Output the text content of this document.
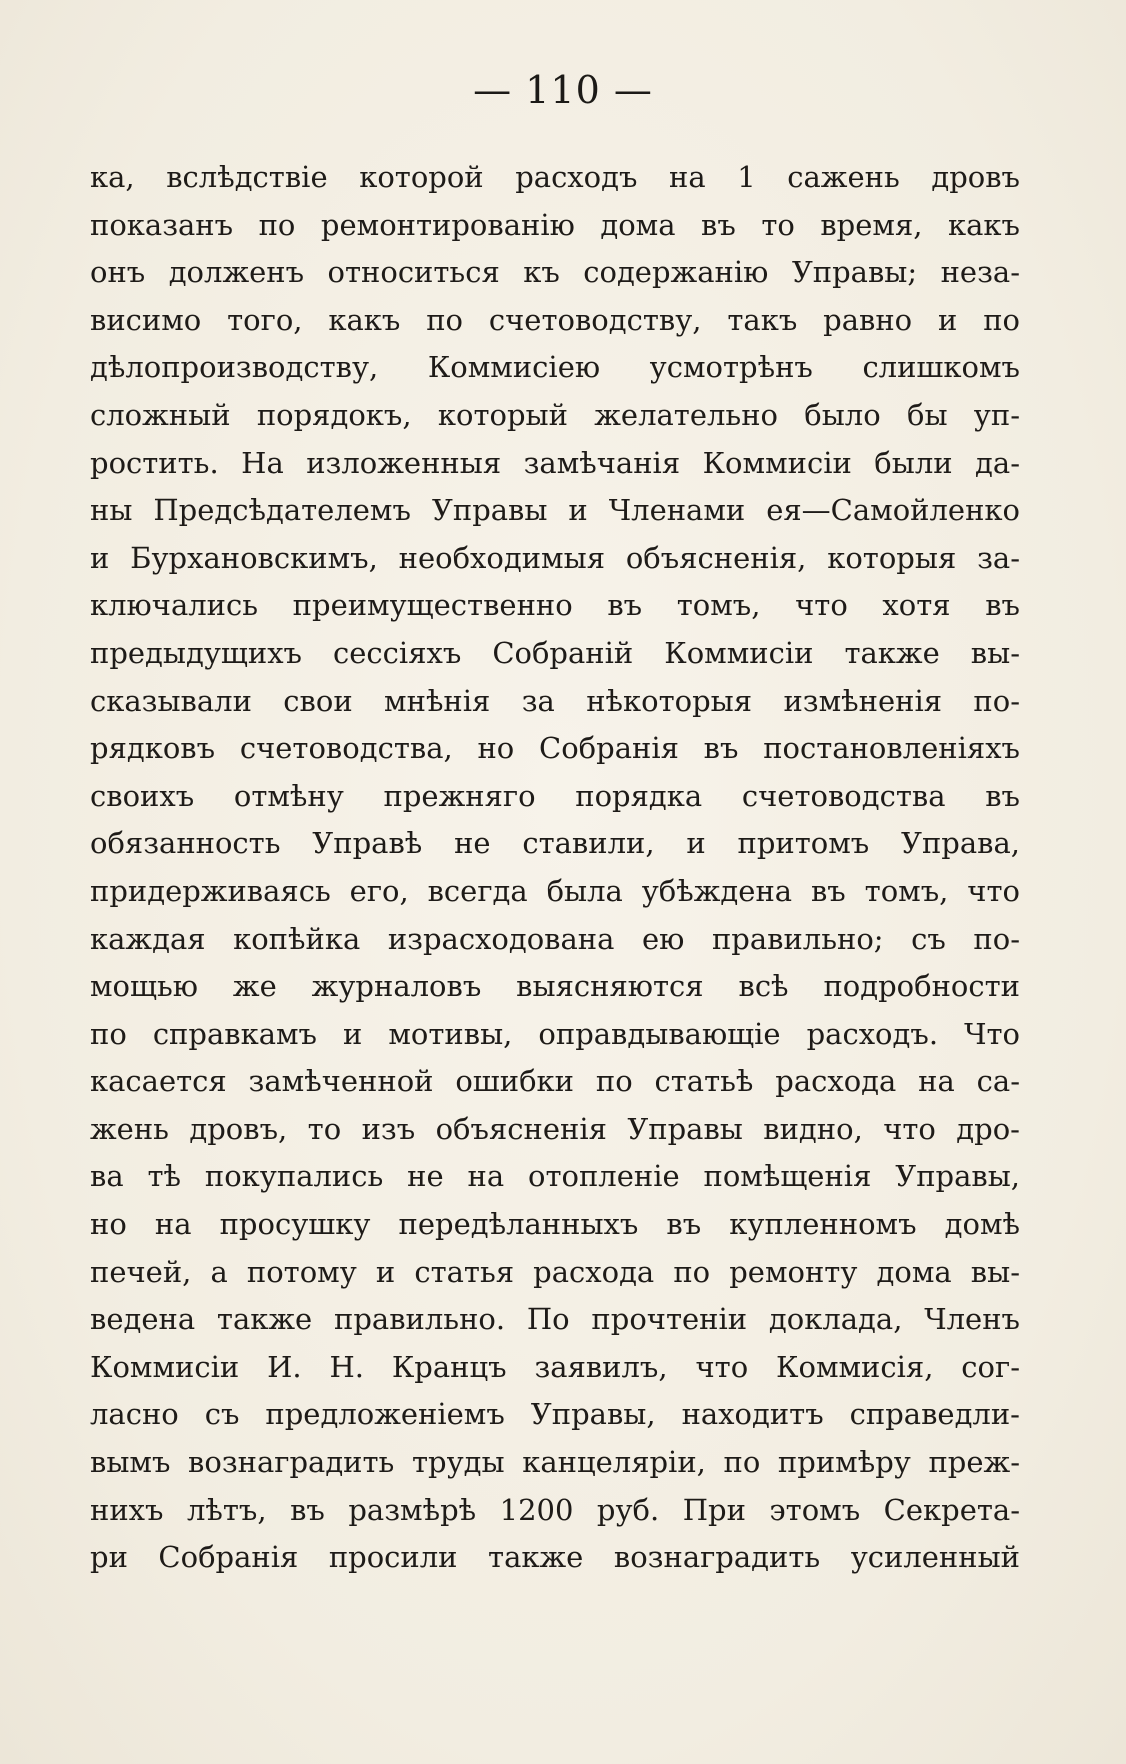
— 110 —
ка, вслѣдствіе которой расходъ на 1 сажень дровъ
показанъ по ремонтированію дома въ то время, какъ
онъ долженъ относиться къ содержанію Управы; неза-
висимо того, какъ по счетоводству, такъ равно и по
дѣлопроизводству, Коммисіею усмотрѣнъ слишкомъ
сложный порядокъ, который желательно было бы уп-
ростить. На изложенныя замѣчанія Коммисіи были да-
ны Предсѣдателемъ Управы и Членами ея—Самойленко
и Бурхановскимъ, необходимыя объясненія, которыя за-
ключались преимущественно въ томъ, что хотя въ
предыдущихъ сессіяхъ Собраній Коммисіи также вы-
сказывали свои мнѣнія за нѣкоторыя измѣненія по-
рядковъ счетоводства, но Собранія въ постановленіяхъ
своихъ отмѣну прежняго порядка счетоводства въ
обязанность Управѣ не ставили, и притомъ Управа,
придерживаясь его, всегда была убѣждена въ томъ, что
каждая копѣйка израсходована ею правильно; съ по-
мощью же журналовъ выясняются всѣ подробности
по справкамъ и мотивы, оправдывающіе расходъ. Что
касается замѣченной ошибки по статьѣ расхода на са-
жень дровъ, то изъ объясненія Управы видно, что дро-
ва тѣ покупались не на отопленіе помѣщенія Управы,
но на просушку передѣланныхъ въ купленномъ домѣ
печей, а потому и статья расхода по ремонту дома вы-
ведена также правильно. По прочтеніи доклада, Членъ
Коммисіи И. Н. Кранцъ заявилъ, что Коммисія, сог-
ласно съ предложеніемъ Управы, находитъ справедли-
вымъ вознаградить труды канцеляріи, по примѣру преж-
нихъ лѣтъ, въ размѣрѣ 1200 руб. При этомъ Секрета-
ри Собранія просили также вознаградить усиленный
